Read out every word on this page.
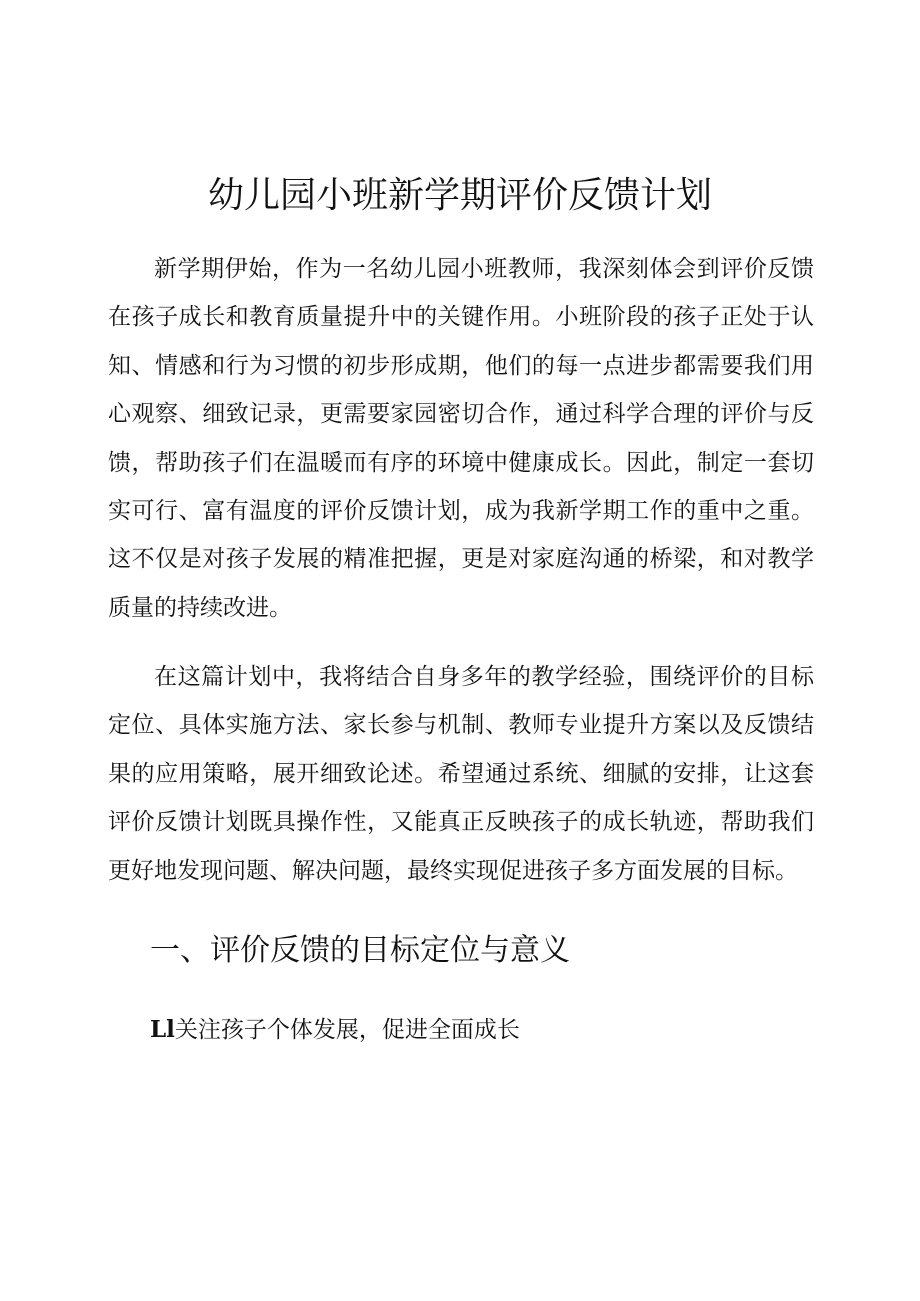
幼儿园小班新学期评价反馈计划

新学期伊始，作为一名幼儿园小班教师，我深刻体会到评价反馈在孩子成长和教育质量提升中的关键作用。小班阶段的孩子正处于认知、情感和行为习惯的初步形成期，他们的每一点进步都需要我们用心观察、细致记录，更需要家园密切合作，通过科学合理的评价与反馈，帮助孩子们在温暖而有序的环境中健康成长。因此，制定一套切实可行、富有温度的评价反馈计划，成为我新学期工作的重中之重。这不仅是对孩子发展的精准把握，更是对家庭沟通的桥梁，和对教学质量的持续改进。

在这篇计划中，我将结合自身多年的教学经验，围绕评价的目标定位、具体实施方法、家长参与机制、教师专业提升方案以及反馈结果的应用策略，展开细致论述。希望通过系统、细腻的安排，让这套评价反馈计划既具操作性，又能真正反映孩子的成长轨迹，帮助我们更好地发现问题、解决问题，最终实现促进孩子多方面发展的目标。

一、评价反馈的目标定位与意义

Ll关注孩子个体发展，促进全面成长
